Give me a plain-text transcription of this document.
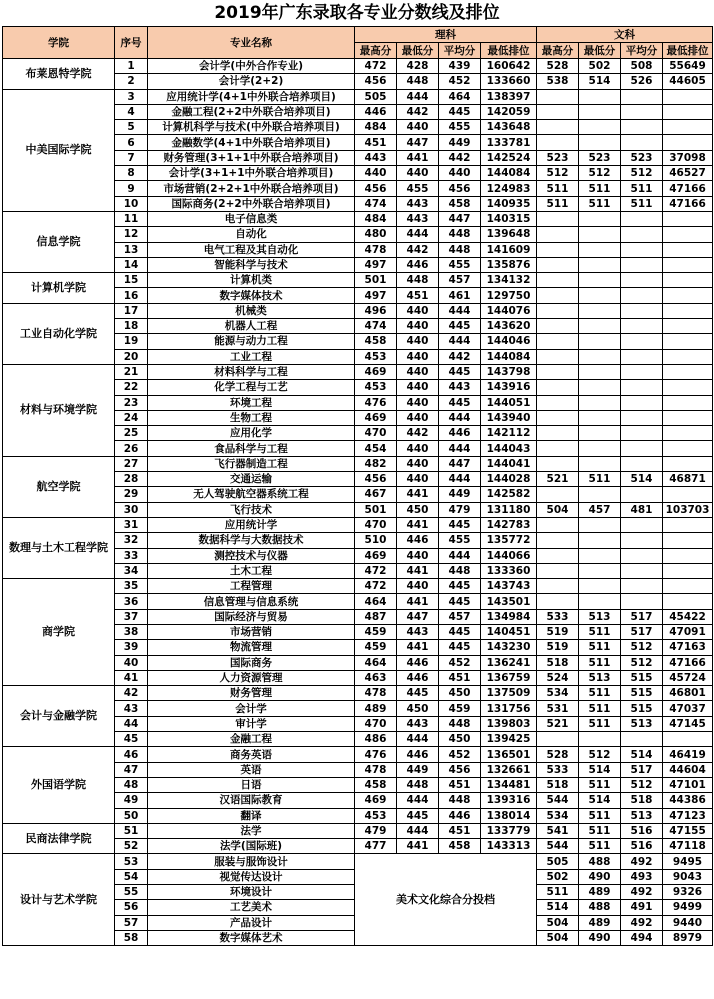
2019年广东录取各专业分数线及排位
学院	序号	专业名称	理科				文科			
			最高分	最低分	平均分	最低排位	最高分	最低分	平均分	最低排位
布莱恩特学院	1	会计学(中外合作专业)	472	428	439	160642	528	502	508	55649
	2	会计学(2+2)	456	448	452	133660	538	514	526	44605
中美国际学院	3	应用统计学(4+1中外联合培养项目)	505	444	464	138397				
	4	金融工程(2+2中外联合培养项目)	446	442	445	142059				
	5	计算机科学与技术(中外联合培养项目)	484	440	455	143648				
	6	金融数学(4+1中外联合培养项目)	451	447	449	133781				
	7	财务管理(3+1+1中外联合培养项目)	443	441	442	142524	523	523	523	37098
	8	会计学(3+1+1中外联合培养项目)	440	440	440	144084	512	512	512	46527
	9	市场营销(2+2+1中外联合培养项目)	456	455	456	124983	511	511	511	47166
	10	国际商务(2+2中外联合培养项目)	474	443	458	140935	511	511	511	47166
信息学院	11	电子信息类	484	443	447	140315				
	12	自动化	480	444	448	139648				
	13	电气工程及其自动化	478	442	448	141609				
	14	智能科学与技术	497	446	455	135876				
计算机学院	15	计算机类	501	448	457	134132				
	16	数字媒体技术	497	451	461	129750				
工业自动化学院	17	机械类	496	440	444	144076				
	18	机器人工程	474	440	445	143620				
	19	能源与动力工程	458	440	444	144046				
	20	工业工程	453	440	442	144084				
材料与环境学院	21	材料科学与工程	469	440	445	143798				
	22	化学工程与工艺	453	440	443	143916				
	23	环境工程	476	440	445	144051				
	24	生物工程	469	440	444	143940				
	25	应用化学	470	442	446	142112				
	26	食品科学与工程	454	440	444	144043				
航空学院	27	飞行器制造工程	482	440	447	144041				
	28	交通运输	456	440	444	144028	521	511	514	46871
	29	无人驾驶航空器系统工程	467	441	449	142582				
	30	飞行技术	501	450	479	131180	504	457	481	103703
数理与土木工程学院	31	应用统计学	470	441	445	142783				
	32	数据科学与大数据技术	510	446	455	135772				
	33	测控技术与仪器	469	440	444	144066				
	34	土木工程	472	441	448	133360				
商学院	35	工程管理	472	440	445	143743				
	36	信息管理与信息系统	464	441	445	143501				
	37	国际经济与贸易	487	447	457	134984	533	513	517	45422
	38	市场营销	459	443	445	140451	519	511	517	47091
	39	物流管理	459	441	445	143230	519	511	512	47163
	40	国际商务	464	446	452	136241	518	511	512	47166
	41	人力资源管理	463	446	451	136759	524	513	515	45724
会计与金融学院	42	财务管理	478	445	450	137509	534	511	515	46801
	43	会计学	489	450	459	131756	531	511	515	47037
	44	审计学	470	443	448	139803	521	511	513	47145
	45	金融工程	486	444	450	139425				
外国语学院	46	商务英语	476	446	452	136501	528	512	514	46419
	47	英语	478	449	456	132661	533	514	517	44604
	48	日语	458	448	451	134481	518	511	512	47101
	49	汉语国际教育	469	444	448	139316	544	514	518	44386
	50	翻译	453	445	446	138014	534	511	513	47123
民商法律学院	51	法学	479	444	451	133779	541	511	516	47155
	52	法学(国际班)	477	441	458	143313	544	511	516	47118
设计与艺术学院	53	服装与服饰设计	美术文化综合分投档				505	488	492	9495
	54	视觉传达设计					502	490	493	9043
	55	环境设计					511	489	492	9326
	56	工艺美术					514	488	491	9499
	57	产品设计					504	489	492	9440
	58	数字媒体艺术					504	490	494	8979
